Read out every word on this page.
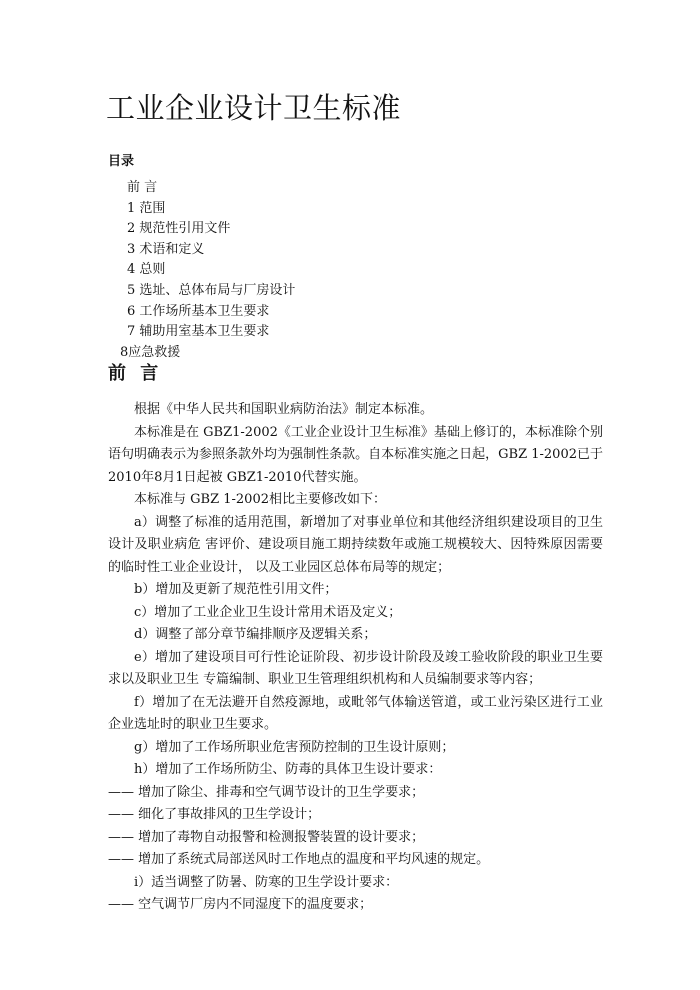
工业企业设计卫生标准
目录
前 言
1 范围
2 规范性引用文件
3 术语和定义
4 总则
5 选址、总体布局与厂房设计
6 工作场所基本卫生要求
7 辅助用室基本卫生要求
8应急救援
前 言

根据《中华人民共和国职业病防治法》制定本标准。

本标准是在 GBZ1-2002《工业企业设计卫生标准》基础上修订的，本标准除个别语句明确表示为参照条款外均为强制性条款。自本标准实施之日起，GBZ 1-2002已于2010年8月1日起被 GBZ1-2010代替实施。

本标准与 GBZ 1-2002相比主要修改如下：

a）调整了标准的适用范围，新增加了对事业单位和其他经济组织建设项目的卫生设计及职业病危 害评价、建设项目施工期持续数年或施工规模较大、因特殊原因需要的临时性工业企业设计， 以及工业园区总体布局等的规定；

b）增加及更新了规范性引用文件；

c）增加了工业企业卫生设计常用术语及定义；

d）调整了部分章节编排顺序及逻辑关系；

e）增加了建设项目可行性论证阶段、初步设计阶段及竣工验收阶段的职业卫生要求以及职业卫生 专篇编制、职业卫生管理组织机构和人员编制要求等内容；

f）增加了在无法避开自然疫源地，或毗邻气体输送管道，或工业污染区进行工业企业选址时的职业卫生要求。

g）增加了工作场所职业危害预防控制的卫生设计原则；

h）增加了工作场所防尘、防毒的具体卫生设计要求：

—— 增加了除尘、排毒和空气调节设计的卫生学要求；

—— 细化了事故排风的卫生学设计；

—— 增加了毒物自动报警和检测报警装置的设计要求；

—— 增加了系统式局部送风时工作地点的温度和平均风速的规定。

i）适当调整了防暑、防寒的卫生学设计要求：

—— 空气调节厂房内不同湿度下的温度要求；
